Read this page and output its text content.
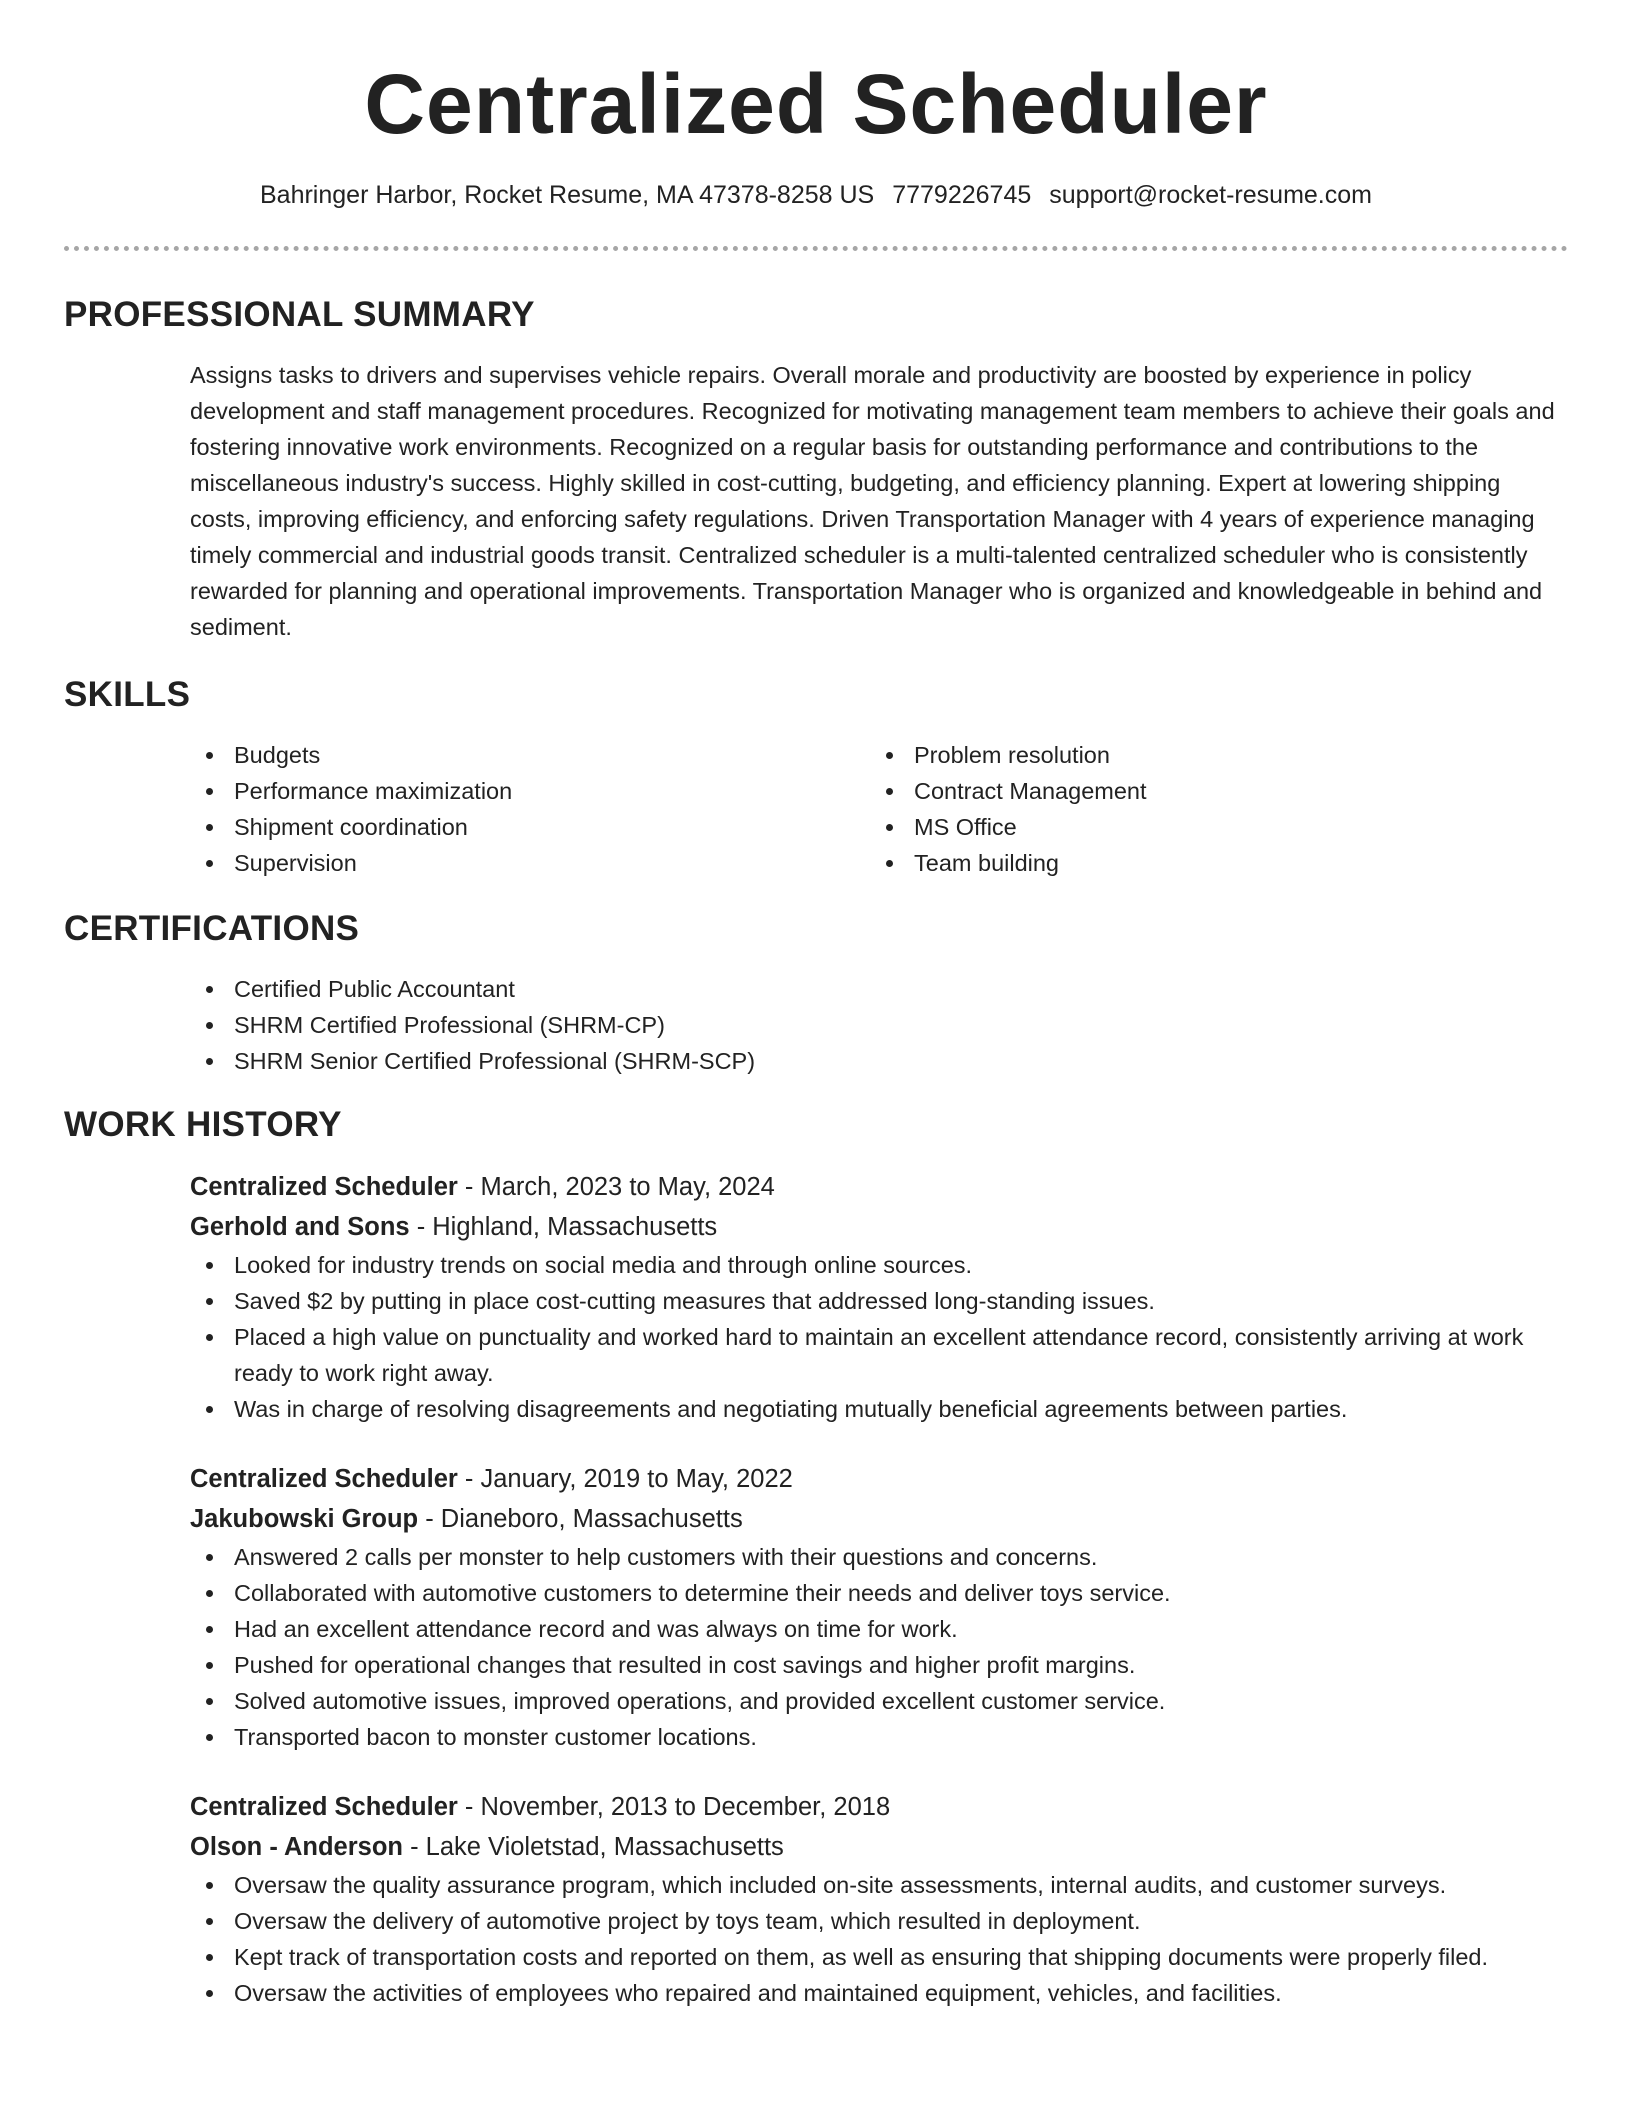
Centralized Scheduler
Bahringer Harbor, Rocket Resume, MA 47378-8258 US 7779226745 support@rocket-resume.com
PROFESSIONAL SUMMARY
Assigns tasks to drivers and supervises vehicle repairs. Overall morale and productivity are boosted by experience in policy development and staff management procedures. Recognized for motivating management team members to achieve their goals and fostering innovative work environments. Recognized on a regular basis for outstanding performance and contributions to the miscellaneous industry's success. Highly skilled in cost-cutting, budgeting, and efficiency planning. Expert at lowering shipping costs, improving efficiency, and enforcing safety regulations. Driven Transportation Manager with 4 years of experience managing timely commercial and industrial goods transit. Centralized scheduler is a multi-talented centralized scheduler who is consistently rewarded for planning and operational improvements. Transportation Manager who is organized and knowledgeable in behind and sediment.
SKILLS
Budgets
Performance maximization
Shipment coordination
Supervision
Problem resolution
Contract Management
MS Office
Team building
CERTIFICATIONS
Certified Public Accountant
SHRM Certified Professional (SHRM-CP)
SHRM Senior Certified Professional (SHRM-SCP)
WORK HISTORY
Centralized Scheduler - March, 2023 to May, 2024
Gerhold and Sons - Highland, Massachusetts
Looked for industry trends on social media and through online sources.
Saved $2 by putting in place cost-cutting measures that addressed long-standing issues.
Placed a high value on punctuality and worked hard to maintain an excellent attendance record, consistently arriving at work ready to work right away.
Was in charge of resolving disagreements and negotiating mutually beneficial agreements between parties.
Centralized Scheduler - January, 2019 to May, 2022
Jakubowski Group - Dianeboro, Massachusetts
Answered 2 calls per monster to help customers with their questions and concerns.
Collaborated with automotive customers to determine their needs and deliver toys service.
Had an excellent attendance record and was always on time for work.
Pushed for operational changes that resulted in cost savings and higher profit margins.
Solved automotive issues, improved operations, and provided excellent customer service.
Transported bacon to monster customer locations.
Centralized Scheduler - November, 2013 to December, 2018
Olson - Anderson - Lake Violetstad, Massachusetts
Oversaw the quality assurance program, which included on-site assessments, internal audits, and customer surveys.
Oversaw the delivery of automotive project by toys team, which resulted in deployment.
Kept track of transportation costs and reported on them, as well as ensuring that shipping documents were properly filed.
Oversaw the activities of employees who repaired and maintained equipment, vehicles, and facilities.
